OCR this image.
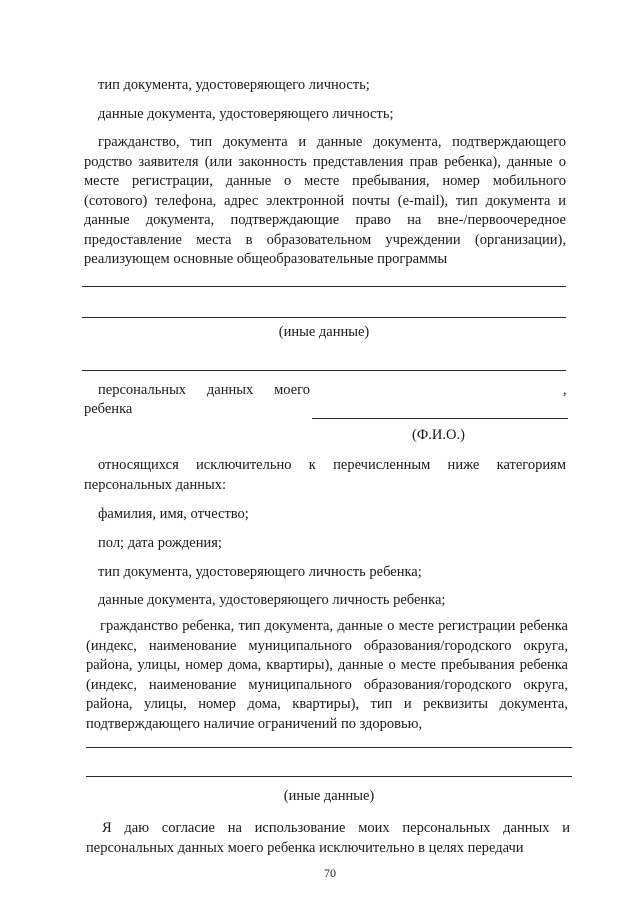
тип документа, удостоверяющего личность;
данные документа, удостоверяющего личность;
гражданство, тип документа и данные документа, подтверждающего родство заявителя (или законность представления прав ребенка), данные о месте регистрации, данные о месте пребывания, номер мобильного (сотового) телефона, адрес электронной почты (e-mail), тип документа и данные документа, подтверждающие право на вне-/первоочередное предоставление места в образовательном учреждении (организации), реализующем основные общеобразовательные программы
(иные данные)
персональных данных моего	,
ребенка
(Ф.И.О.)
относящихся исключительно к перечисленным ниже категориям персональных данных:
фамилия, имя, отчество;
пол; дата рождения;
тип документа, удостоверяющего личность ребенка;
данные документа, удостоверяющего личность ребенка;
гражданство ребенка, тип документа, данные о месте регистрации ребенка (индекс, наименование муниципального образования/городского округа, района, улицы, номер дома, квартиры), данные о месте пребывания ребенка (индекс, наименование муниципального образования/городского округа, района, улицы, номер дома, квартиры), тип и реквизиты документа, подтверждающего наличие ограничений по здоровью,
(иные данные)
Я даю согласие на использование моих персональных данных и персональных данных моего ребенка исключительно в целях передачи
70
